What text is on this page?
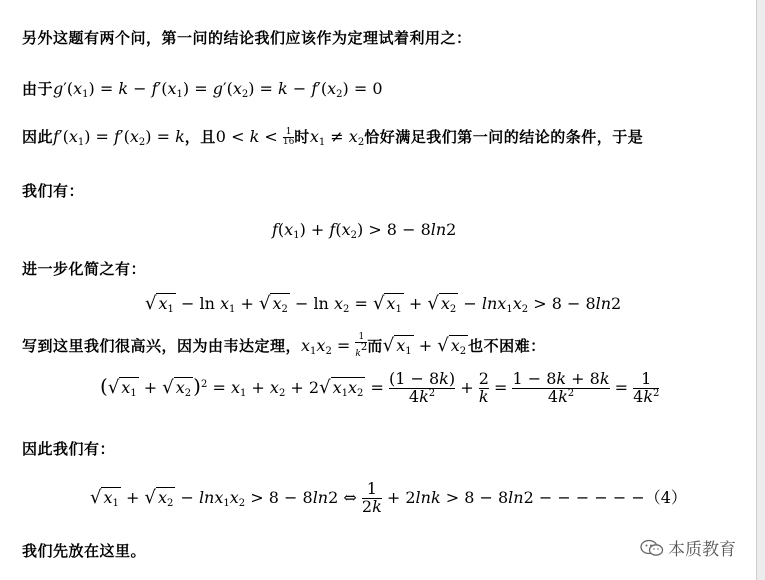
另外这题有两个问，第一问的结论我们应该作为定理试着利用之：
由于$g'(x_1) = k - f'(x_1) = g'(x_2) = k - f'(x_2) = 0$
因此$f'(x_1) = f'(x_2) = k$，且$0 < k < \frac{1}{16}$ 时$x_1 \ne x_2$恰好满足我们第一问的结论的条件，于是
我们有：
$f(x_1) + f(x_2) > 8 - 8\ln 2$
进一步化简之有：
√ $x_1 - \ln x_1$ + √ $x_2 - \ln x_2$ = √ $x_1$ + √ $x_2 - \ln x_1x_2 > 8 - 8\ln 2$
写到这里我们很高兴，因为由韦达定理，$x_1x_2 = \frac{1}{k^2}$ 而√ $x_1$ + √ $x_2$ 也不困难：
(√ $x_1$ + √ $x_2$ )$^2 = x_1 + x_2 + 2√$ $x_1x_2 = \frac{(1 - 8k)}{4k^2} + \frac{2}{k} = \frac{1 - 8k + 8k}{4k^2} = \frac{1}{4k^2}$
因此我们有：
√ $x_1$ + √ $x_2 - \ln x_1x_2 > 8 - 8\ln 2$ ⇔ $\frac{1}{2k} + 2\ln k > 8 - 8\ln 2$ − − − − − −（4）
我们先放在这里。	本质教育
